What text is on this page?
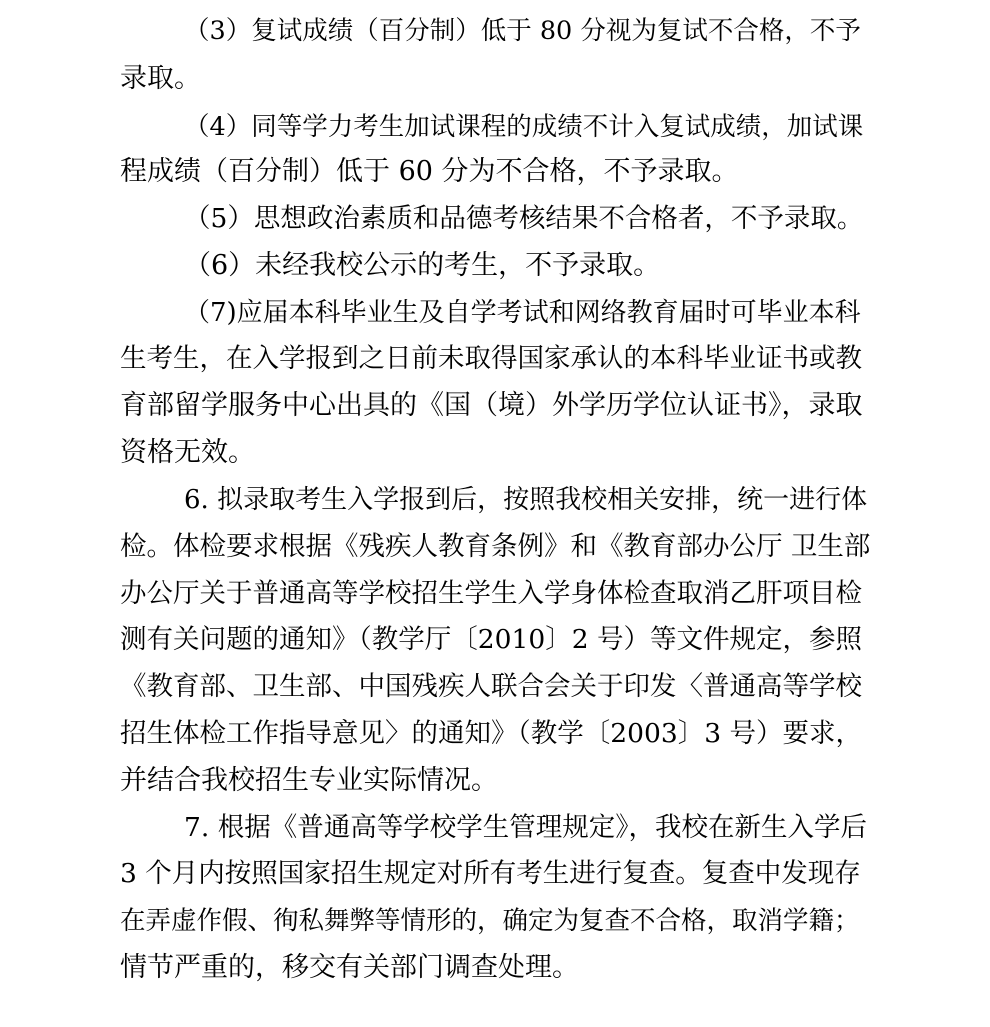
（3）复试成绩（百分制）低于 80 分视为复试不合格，不予
录取。
（4）同等学力考生加试课程的成绩不计入复试成绩，加试课
程成绩（百分制）低于 60 分为不合格，不予录取。
（5）思想政治素质和品德考核结果不合格者，不予录取。
（6）未经我校公示的考生，不予录取。
（7)应届本科毕业生及自学考试和网络教育届时可毕业本科
生考生，在入学报到之日前未取得国家承认的本科毕业证书或教
育部留学服务中心出具的《国（境）外学历学位认证书》，录取
资格无效。
6. 拟录取考生入学报到后，按照我校相关安排，统一进行体
检。体检要求根据《残疾人教育条例》和《教育部办公厅 卫生部
办公厅关于普通高等学校招生学生入学身体检查取消乙肝项目检
测有关问题的通知》（教学厅〔2010〕2 号）等文件规定，参照
《教育部、卫生部、中国残疾人联合会关于印发〈普通高等学校
招生体检工作指导意见〉的通知》（教学〔2003〕3 号）要求，
并结合我校招生专业实际情况。
7. 根据《普通高等学校学生管理规定》，我校在新生入学后
3 个月内按照国家招生规定对所有考生进行复查。复查中发现存
在弄虚作假、徇私舞弊等情形的，确定为复查不合格，取消学籍；
情节严重的，移交有关部门调查处理。
